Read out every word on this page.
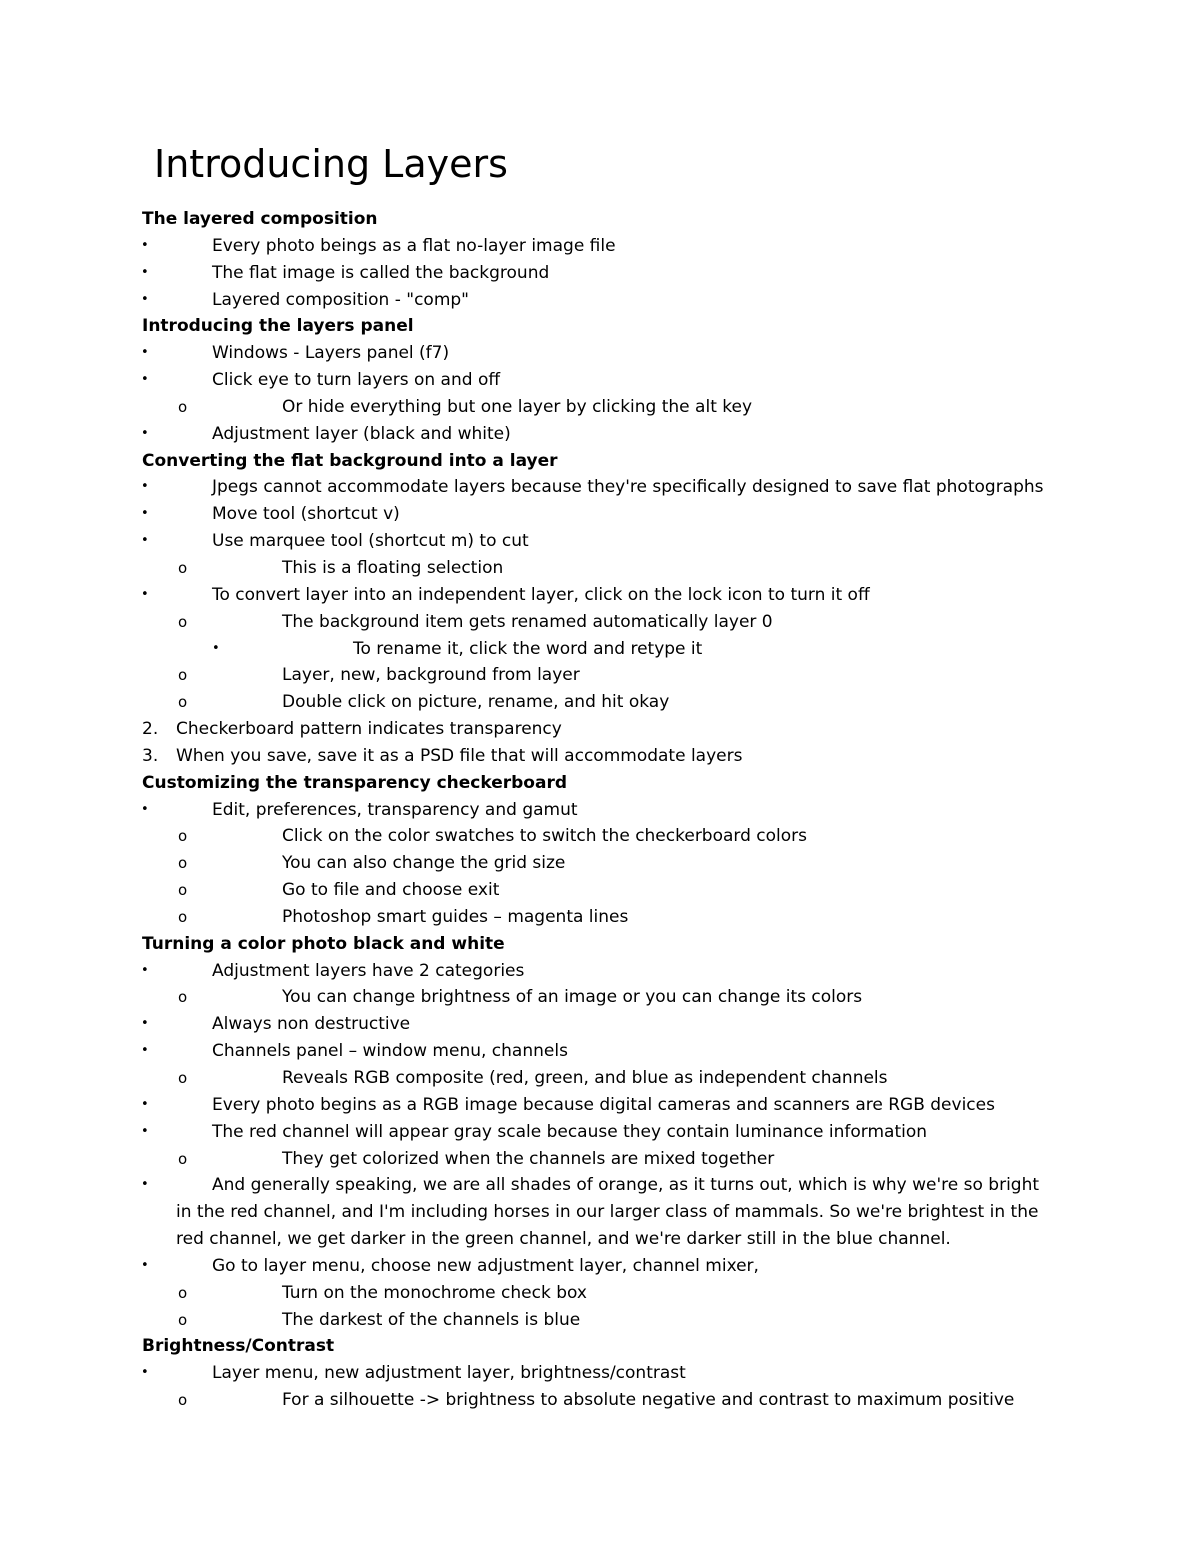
Introducing Layers
The layered composition
•	Every photo beings as a flat no-layer image file
•	The flat image is called the background
•	Layered composition - "comp"
Introducing the layers panel
•	Windows - Layers panel (f7)
•	Click eye to turn layers on and off
o	Or hide everything but one layer by clicking the alt key
•	Adjustment layer (black and white)
Converting the flat background into a layer
•	Jpegs cannot accommodate layers because they're specifically designed to save flat photographs
•	Move tool (shortcut v)
•	Use marquee tool (shortcut m) to cut
o	This is a floating selection
•	To convert layer into an independent layer, click on the lock icon to turn it off
o	The background item gets renamed automatically layer 0
•	To rename it, click the word and retype it
o	Layer, new, background from layer
o	Double click on picture, rename, and hit okay
2. Checkerboard pattern indicates transparency
3. When you save, save it as a PSD file that will accommodate layers
Customizing the transparency checkerboard
•	Edit, preferences, transparency and gamut
o	Click on the color swatches to switch the checkerboard colors
o	You can also change the grid size
o	Go to file and choose exit
o	Photoshop smart guides – magenta lines
Turning a color photo black and white
•	Adjustment layers have 2 categories
o	You can change brightness of an image or you can change its colors
•	Always non destructive
•	Channels panel – window menu, channels
o	Reveals RGB composite (red, green, and blue as independent channels
•	Every photo begins as a RGB image because digital cameras and scanners are RGB devices
•	The red channel will appear gray scale because they contain luminance information
o	They get colorized when the channels are mixed together
•	And generally speaking, we are all shades of orange, as it turns out, which is why we're so bright
in the red channel, and I'm including horses in our larger class of mammals. So we're brightest in the
red channel, we get darker in the green channel, and we're darker still in the blue channel.
•	Go to layer menu, choose new adjustment layer, channel mixer,
o	Turn on the monochrome check box
o	The darkest of the channels is blue
Brightness/Contrast
•	Layer menu, new adjustment layer, brightness/contrast
o	For a silhouette -> brightness to absolute negative and contrast to maximum positive
